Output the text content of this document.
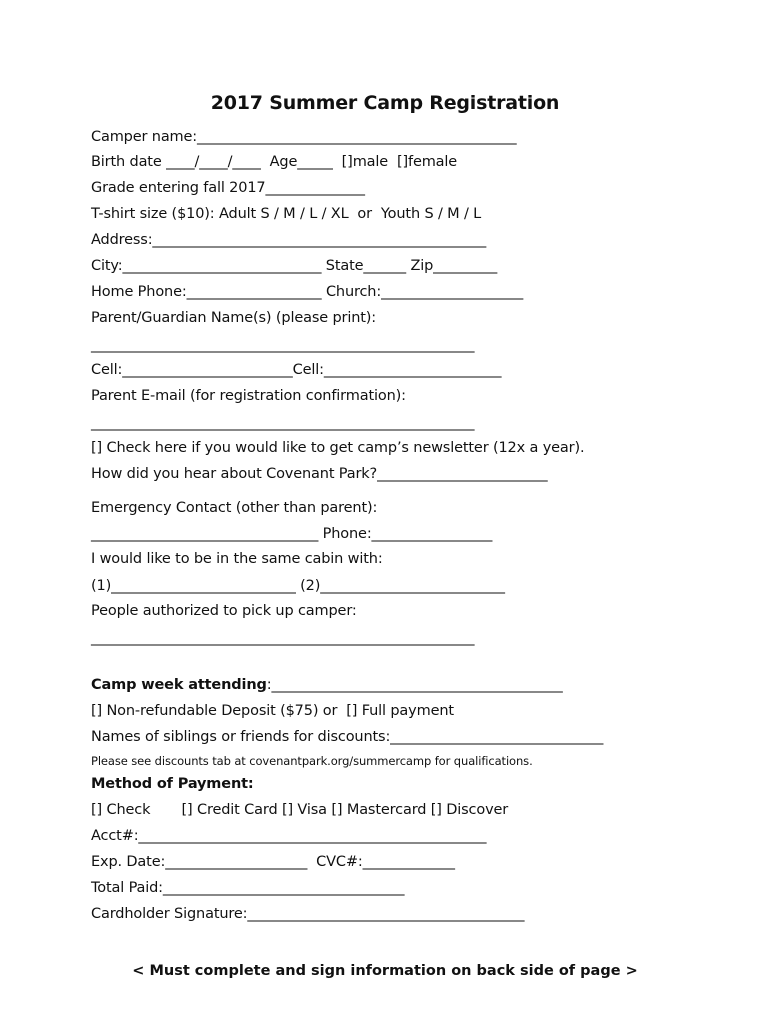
2017 Summer Camp Registration
Camper name:_____________________________________________
Birth date ____/____/____  Age_____  []male  []female
Grade entering fall 2017______________
T-shirt size ($10): Adult S / M / L / XL  or  Youth S / M / L
Address:_______________________________________________
City:____________________________ State______ Zip_________
Home Phone:___________________ Church:____________________
Parent/Guardian Name(s) (please print):
______________________________________________________
Cell:________________________Cell:_________________________
Parent E-mail (for registration confirmation):
______________________________________________________
[] Check here if you would like to get camp’s newsletter (12x a year).
How did you hear about Covenant Park?________________________
Emergency Contact (other than parent):
________________________________ Phone:_________________
I would like to be in the same cabin with:
(1)__________________________ (2)__________________________
People authorized to pick up camper:
______________________________________________________
Camp week attending:_________________________________________
[] Non-refundable Deposit ($75) or  [] Full payment
Names of siblings or friends for discounts:______________________________
Please see discounts tab at covenantpark.org/summercamp for qualifications.
Method of Payment:
[] Check       [] Credit Card [] Visa [] Mastercard [] Discover
Acct#:_________________________________________________
Exp. Date:____________________  CVC#:_____________
Total Paid:__________________________________
Cardholder Signature:_______________________________________
< Must complete and sign information on back side of page >
